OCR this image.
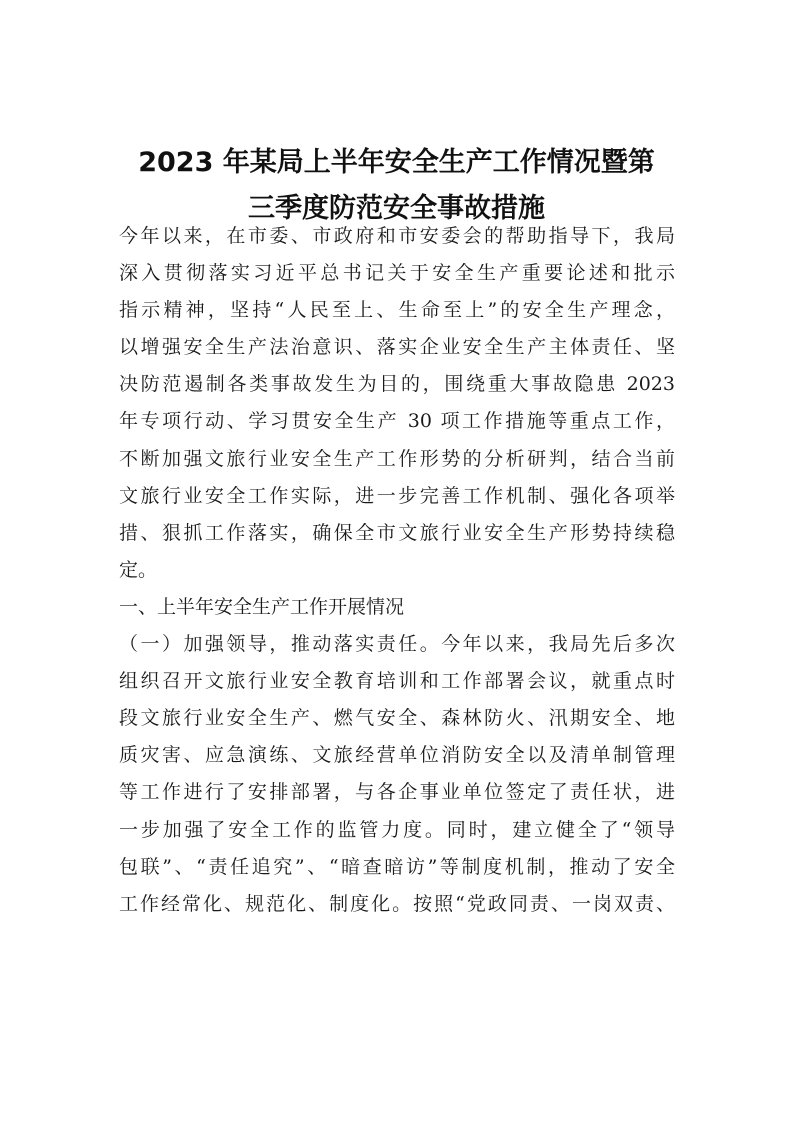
2023 年某局上半年安全生产工作情况暨第
三季度防范安全事故措施
今年以来，在市委、市政府和市安委会的帮助指导下，我局
深入贯彻落实习近平总书记关于安全生产重要论述和批示
指示精神，坚持“人民至上、生命至上”的安全生产理念，
以增强安全生产法治意识、落实企业安全生产主体责任、坚
决防范遏制各类事故发生为目的，围绕重大事故隐患 2023
年专项行动、学习贯安全生产 30 项工作措施等重点工作，
不断加强文旅行业安全生产工作形势的分析研判，结合当前
文旅行业安全工作实际，进一步完善工作机制、强化各项举
措、狠抓工作落实，确保全市文旅行业安全生产形势持续稳
定。
一、上半年安全生产工作开展情况
（一）加强领导，推动落实责任。今年以来，我局先后多次
组织召开文旅行业安全教育培训和工作部署会议，就重点时
段文旅行业安全生产、燃气安全、森林防火、汛期安全、地
质灾害、应急演练、文旅经营单位消防安全以及清单制管理
等工作进行了安排部署，与各企事业单位签定了责任状，进
一步加强了安全工作的监管力度。同时，建立健全了“领导
包联”、“责任追究”、“暗查暗访”等制度机制，推动了安全
工作经常化、规范化、制度化。按照“党政同责、一岗双责、
